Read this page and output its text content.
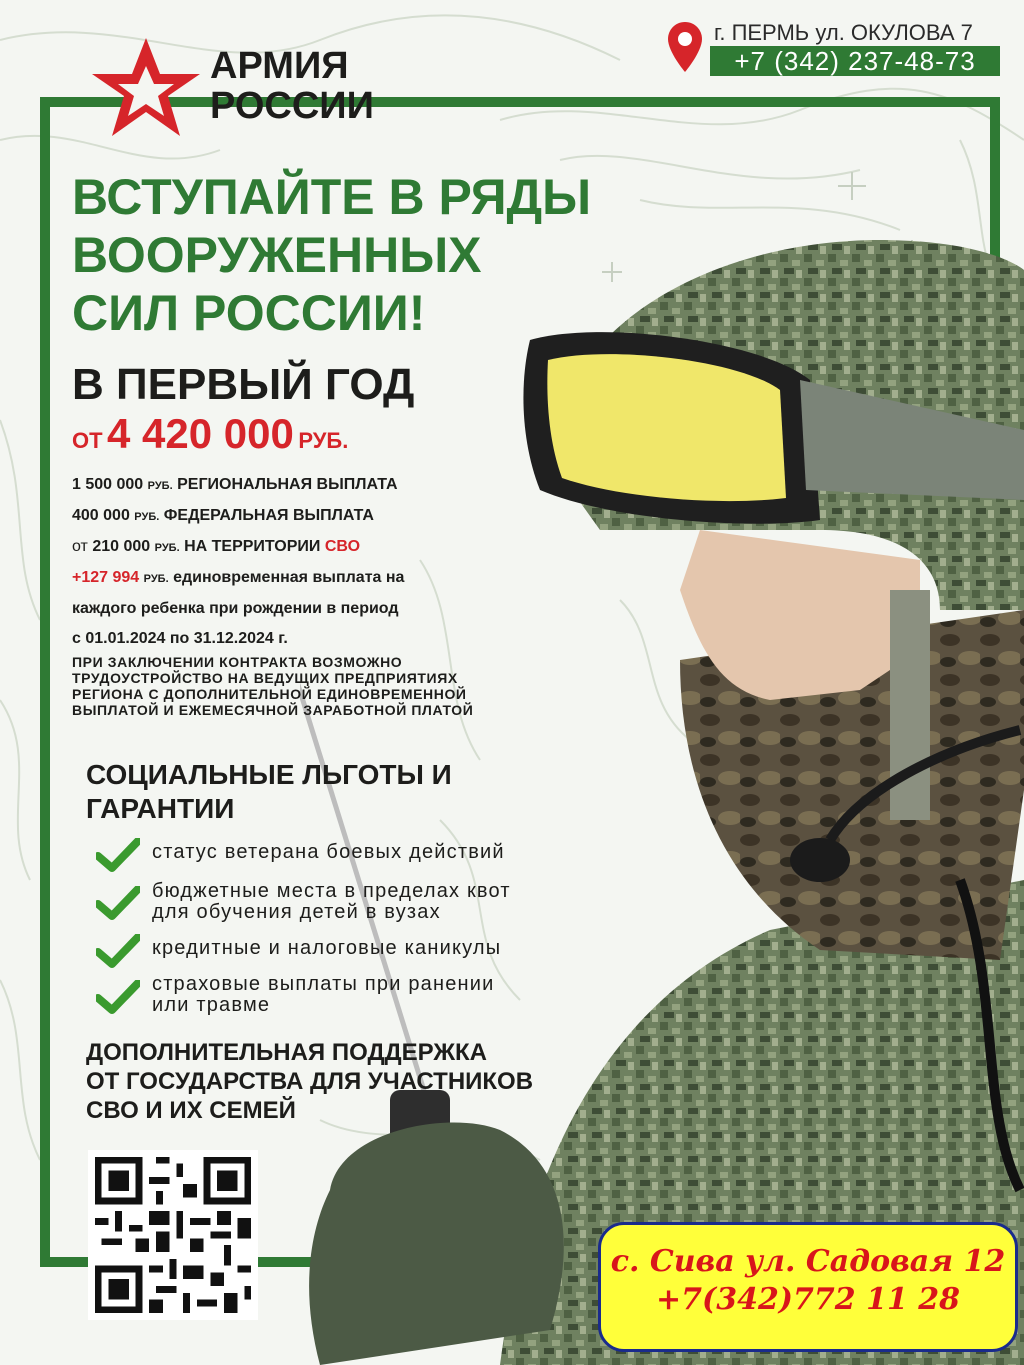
АРМИЯ
РОССИИ
г. ПЕРМЬ ул. ОКУЛОВА 7
+7 (342) 237-48-73
ВСТУПАЙТЕ В РЯДЫ
ВООРУЖЕННЫХ
СИЛ РОССИИ!
В ПЕРВЫЙ ГОД
ОТ 4 420 000 РУБ.
1 500 000 РУБ. РЕГИОНАЛЬНАЯ ВЫПЛАТА
400 000 РУБ. ФЕДЕРАЛЬНАЯ ВЫПЛАТА
от 210 000 РУБ. НА ТЕРРИТОРИИ СВО
+127 994 РУБ. единовременная выплата на
каждого ребенка при рождении в период
с 01.01.2024 по 31.12.2024 г.
ПРИ ЗАКЛЮЧЕНИИ КОНТРАКТА ВОЗМОЖНО
ТРУДОУСТРОЙСТВО НА ВЕДУЩИХ ПРЕДПРИЯТИЯХ
РЕГИОНА С ДОПОЛНИТЕЛЬНОЙ ЕДИНОВРЕМЕННОЙ
ВЫПЛАТОЙ И ЕЖЕМЕСЯЧНОЙ ЗАРАБОТНОЙ ПЛАТОЙ
СОЦИАЛЬНЫЕ ЛЬГОТЫ И
ГАРАНТИИ
статус ветерана боевых действий
бюджетные места в пределах квот
для обучения детей в вузах
кредитные и налоговые каникулы
страховые выплаты при ранении
или травме
ДОПОЛНИТЕЛЬНАЯ ПОДДЕРЖКА
ОТ ГОСУДАРСТВА ДЛЯ УЧАСТНИКОВ
СВО И ИХ СЕМЕЙ
с. Сива ул. Садовая 12
+7(342)772 11 28
